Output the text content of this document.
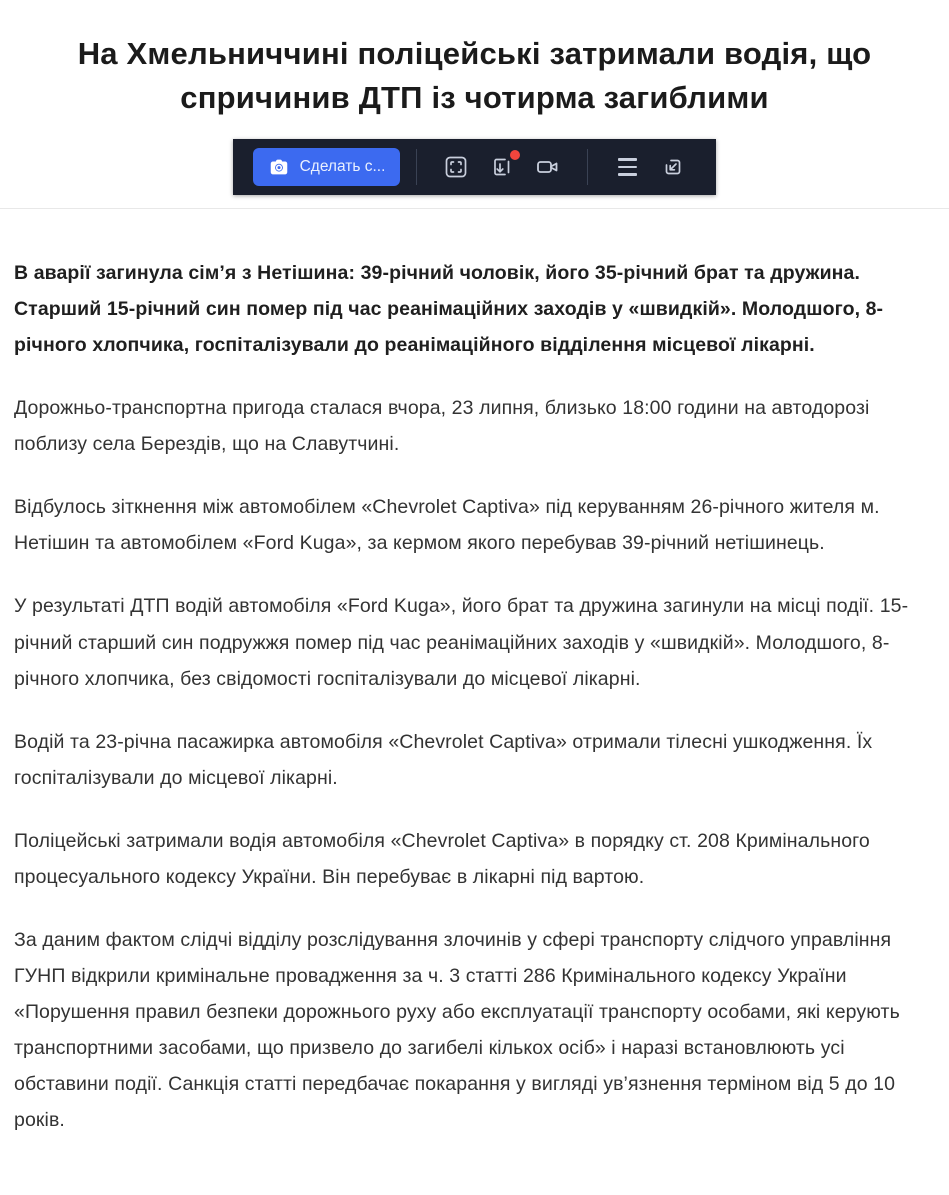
На Хмельниччині поліцейські затримали водія, що спричинив ДТП із чотирма загиблими
Сделать с...

В аварії загинула сім’я з Нетішина: 39-річний чоловік, його 35-річний брат та дружина. Старший 15-річний син помер під час реанімаційних заходів у «швидкій». Молодшого, 8-річного хлопчика, госпіталізували до реанімаційного відділення місцевої лікарні.

Дорожньо-транспортна пригода сталася вчора, 23 липня, близько 18:00 години на автодорозі поблизу села Берездів, що на Славутчині.

Відбулось зіткнення між автомобілем «Chevrolet Captiva» під керуванням 26-річного жителя м. Нетішин та автомобілем «Ford Kuga», за кермом якого перебував 39-річний нетішинець.

У результаті ДТП водій автомобіля «Ford Kuga», його брат та дружина загинули на місці події. 15-річний старший син подружжя помер під час реанімаційних заходів у «швидкій». Молодшого, 8-річного хлопчика, без свідомості госпіталізували до місцевої лікарні.

Водій та 23-річна пасажирка автомобіля «Chevrolet Captiva» отримали тілесні ушкодження. Їх госпіталізували до місцевої лікарні.

Поліцейські затримали водія автомобіля «Chevrolet Captiva» в порядку ст. 208 Кримінального процесуального кодексу України. Він перебуває в лікарні під вартою.

За даним фактом слідчі відділу розслідування злочинів у сфері транспорту слідчого управління ГУНП відкрили кримінальне провадження за ч. 3 статті 286 Кримінального кодексу України «Порушення правил безпеки дорожнього руху або експлуатації транспорту особами, які керують транспортними засобами, що призвело до загибелі кількох осіб» і наразі встановлюють усі обставини події. Санкція статті передбачає покарання у вигляді ув’язнення терміном від 5 до 10 років.
